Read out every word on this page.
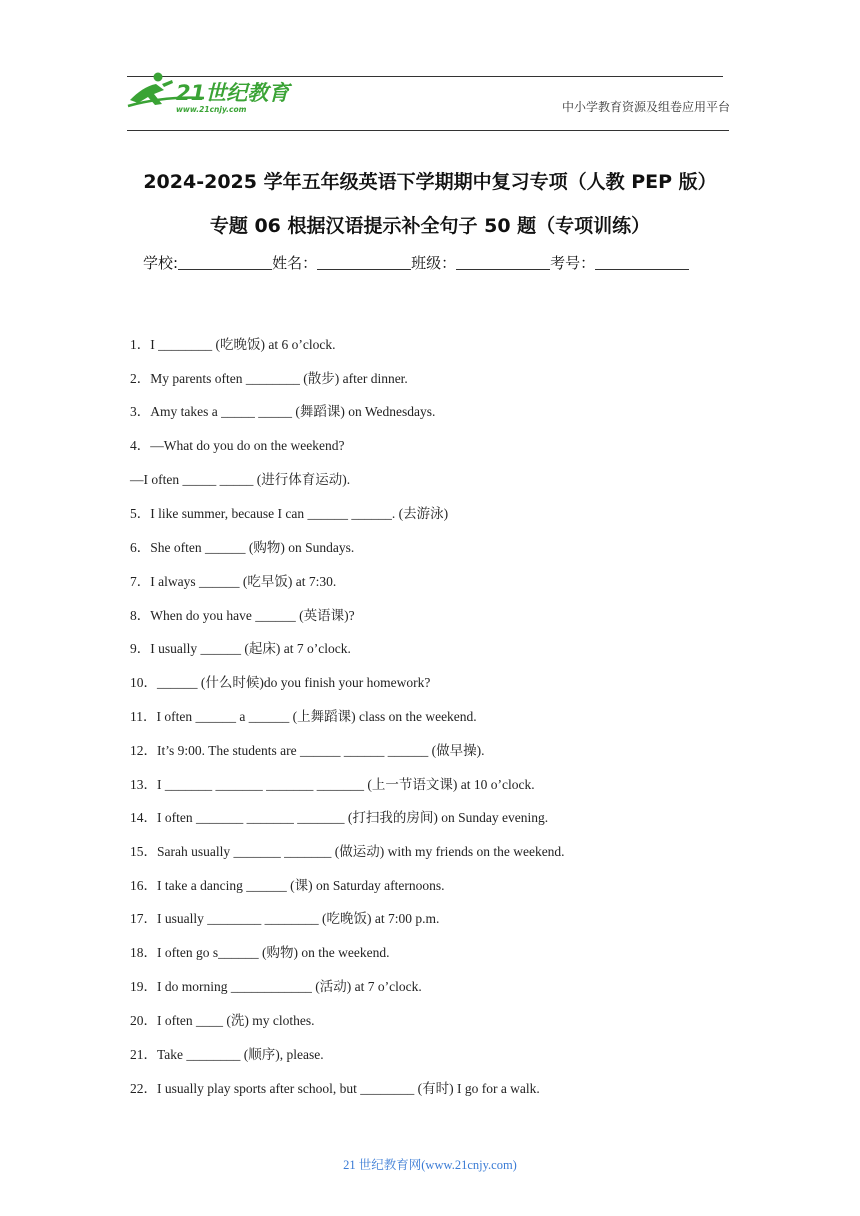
21世纪教育
www.21cnjy.com	中小学教育资源及组卷应用平台
2024-2025 学年五年级英语下学期期中复习专项（人教 PEP 版）
专题 06 根据汉语提示补全句子 50 题（专项训练）
学校:	姓名：	班级：	考号：
1．I ________ (吃晚饭) at 6 o’clock.
2．My parents often ________ (散步) after dinner.
3．Amy takes a _____ _____ (舞蹈课) on Wednesdays.
4．—What do you do on the weekend?
—I often _____ _____ (进行体育运动).
5．I like summer, because I can ______ ______. (去游泳)
6．She often ______ (购物) on Sundays.
7．I always ______ (吃早饭) at 7:30.
8．When do you have ______ (英语课)?
9．I usually ______ (起床) at 7 o’clock.
10．______ (什么时候)do you finish your homework?
11．I often ______ a ______ (上舞蹈课) class on the weekend.
12．It’s 9:00. The students are ______ ______ ______ (做早操).
13．I _______ _______ _______ _______ (上一节语文课) at 10 o’clock.
14．I often _______ _______ _______ (打扫我的房间) on Sunday evening.
15．Sarah usually _______ _______ (做运动) with my friends on the weekend.
16．I take a dancing ______ (课) on Saturday afternoons.
17．I usually ________ ________ (吃晚饭) at 7:00 p.m.
18．I often go s______ (购物) on the weekend.
19．I do morning ____________ (活动) at 7 o’clock.
20．I often ____ (洗) my clothes.
21．Take ________ (顺序), please.
22．I usually play sports after school, but ________ (有时) I go for a walk.
21 世纪教育网(www.21cnjy.com)
